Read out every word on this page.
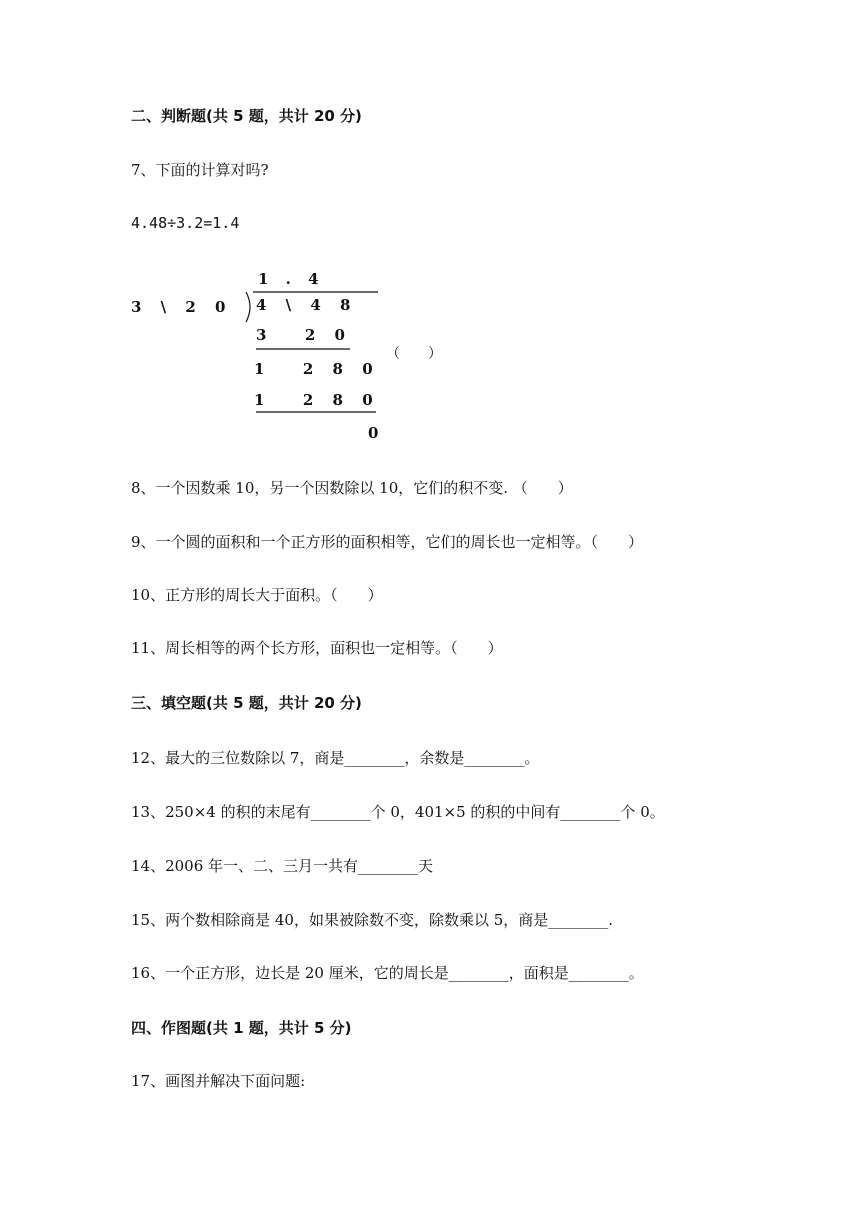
二、判断题(共 5 题，共计 20 分)
7、下面的计算对吗?
4.48÷3.2=1.4
1 . 4
3 \ 2 0 4 \ 4 8
3  2 0
1  2 8 0
1  2 8 0
0
（　　）
8、一个因数乘 10，另一个因数除以 10，它们的积不变. （　　）
9、一个圆的面积和一个正方形的面积相等，它们的周长也一定相等。（　　）
10、正方形的周长大于面积。（　　）
11、周长相等的两个长方形，面积也一定相等。（　　）
三、填空题(共 5 题，共计 20 分)
12、最大的三位数除以 7，商是________，余数是________。
13、250×4 的积的末尾有________个 0，401×5 的积的中间有________个 0。
14、2006 年一、二、三月一共有________天
15、两个数相除商是 40，如果被除数不变，除数乘以 5，商是________.
16、一个正方形，边长是 20 厘米，它的周长是________，面积是________。
四、作图题(共 1 题，共计 5 分)
17、画图并解决下面问题:
